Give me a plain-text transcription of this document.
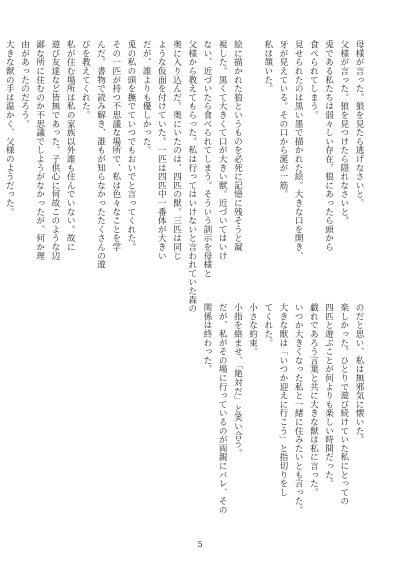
母様が言った。狼を見たら逃げなさいと。
父様が言った。狼を見つけたら隠れなさいと。
兎である私たちは弱々しい存在。狼にあったら頭から
食べられてしまう。
見せられたのは黒い墨で描かれた絵。大きな口を開き、
牙が見えている。その口から涎が一筋。
私は頷いた。

絵に描かれた狼というものを必死に記憶に残そうと凝
視した。黒くて大きくて口が大きい獣。近づいてはいけ
ない、近づいたら食べられてしまう。そういう訓示を母様と
父様から教えてもらった。私は行ってはいけないと言われていた森の
奥に入り込んだ。奥にいたのは、四匹の獣。三匹は同じ
ような仮面を付けていた。一匹は四匹中一番体が大きい
だが、誰よりも優しかった。
兎の私の頭を撫でていつでもおいでと言ってくれた。
その一匹が持つ不思議な場所で、私は色々なことを学
んだ。書物で読み解き、誰もが知らなかったたくさんの遊
びを教えてくれた。
私が住む場所は私の家族以外誰も住んでいない。故に
遊び友達など皆無であった。子供心に何故このような辺
鄙な所に住むのか不思議でしようがなかったが、何か理
由があったのだろう。
大きな獣の手は温かく、父様のようだった。
のだと思い、私は無邪気に懐いた。
楽しかった。ひとりで遊び続けていた私にとっての
四匹と遊ぶことが何よりも楽しい時間だった。
戯れであろう言葉と共に大きな獣は私に言った。
いつか大きくなった私と一緒に住みたいとも言った。
大きな獣は「いつか迎えに行こう」と指切りをし
てくれた。
小さな約束。
小指を絡ませ、「絶対だ」と笑い合う。
だが、私がその場に行っているのが両親にバレ、その
関係は終わった。
5
